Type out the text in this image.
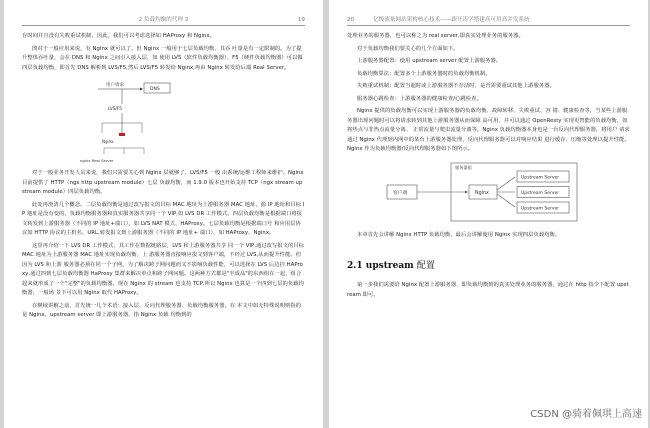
2 负载均衡的代理 2	19

存时间并且没有失败重试机制。因此，我们可以考虑选择如 HAProxy 和 Nginx。

图对于一般应用来说，有 Nginx 就可以了。但 Nginx 一般用于七层负载均衡，其吞 吐量是有一定限制的。为了提升整体吞吐量，会在 DNS 和 Nginx 之间引入接入层，如 使用 LVS（软件负载均衡器）、F5（硬件负载均衡器）可以做四层负载均衡，即首先 DNS 解析到 LVS/F5,然后 LVS/F5 转发给 Nginx,再由 Nginx 转发给后端 Real Server。

用户请求
DNS
LVS/F5
Nginx
nginx Real Server

对于一般业务开发人员来说，我们只需要关心到 Nginx 层就够了，LVS/F5 一般 由系统/运维工程师来维护。Nginx 目前提供了 HTTP（ngx http upstream module）七层 负载均衡，而 1.9.0 版本也开始支持 TCP（ngx stream upstream module）四层负载均衡。

此处再澄清几个概念。二层负载均衡是通过改写报文的目标 MAC 地址为上游服务器 MAC 地址，源 IP 地址和目标 IP 地址是没有变的，负载均衡服务器和真实服务器共享同一个 VIP,如 LVS DR 工作模式。四层负载均衡是根据端口将报文转发到上游服务器（不同的 IP 地址+端口），如 LVS NAT 模式、HAProxy。七层负载均衡是根据端口号 和应用层协议如 HTTP 协议的主机名、URL,转发报文到上游服务器（不同的 IP 地址+ 端口），如 HAProxy、Nginx。

这里再介绍一下 LVS DR 工作模式，其工作在数据链路层，LVS 和上游服务器共享 同一个 VIP,通过改写报文的目标 MAC 地址为上游服务器 MAC 地址实现负载均衡，上 游服务器直接响应报文到客户端，不经过 LVS,从而提升性能。但因为 LVS 和上游 服务器必须在同一个子网，为了解决跨子网问题而又不影响负载性能，可以选择在 LVS 后边挂 HAProxy,通过四到七层负载均衡器 HaProxy 集群来解决单点和跨子网问题。这两种方式都是"半成品"的东西组在一起，组合起来就形成了一个"完整"的负载均衡器。现在 Nginx 的 stream 也支持 TCP,所以 Nginx 也算是一个四到七层的负载均衡器，一般场 景下可以用 Nginx 取代 HAProxy。

在继续讲解之前，首先统一几个术语：接入层、反向代理服务器、负载均衡服务器，在 本文中如无特殊说明则指的是 Nginx。upstream server 即上游服务器，指 Nginx 负载 均衡到的

20	亿级流量网站架构核心技术——跟开涛学搭建高可用高并发系统

处理业务的服务器，也可以称之为 real server,即真实处理业务的服务器。

对于负载均衡我们要关心的几个方面如下。

上游服务器配置：使用 upstream server 配置上游服务器。

负载均衡算法：配置多个上游服务器时的负载均衡机制。

失败重试机制：配置当超时或上游服务器不存活时，是否需要重试其他上游服务器。

服务器心跳检查：上游服务器的健康检查/心跳检查。

Nginx 提供的负载均衡可以实现上游服务器的负载均衡、故障转移、失败重试、容 错、健康检查等，当某些上游服务器出现问题时可以将请求转到其他上游服务器从而保障 高可用，并可以通过 OpenResty 实现更智能的负载均衡，如将热点与非热点流量分离、 正常流量与爬虫流量分离等。Nginx 负载均衡器本身也是一台反向代理服务器，将用户 请求通过 Nginx 代理到内网中的某台上游服务器处理，反向代理服务器可以对响应结果 进行缓存、压缩等处理以提升性能。Nginx 作为负载均衡器/反向代理服务器如下图所示。

客户端
服务器组
Nginx
Upstream Server
Upstream Server
Upstream Server

本章首先会讲解 Nginx HTTP 负载均衡，最后会讲解使用 Nginx 实现四层负载均衡。

2.1 upstream 配置

第一步我们需要给 Nginx 配置上游服务器，即负载均衡到的真实处理业务的服务器，通过在 http 指令下配置 upstream 即可。

CSDN @骑着佩琪上高速
